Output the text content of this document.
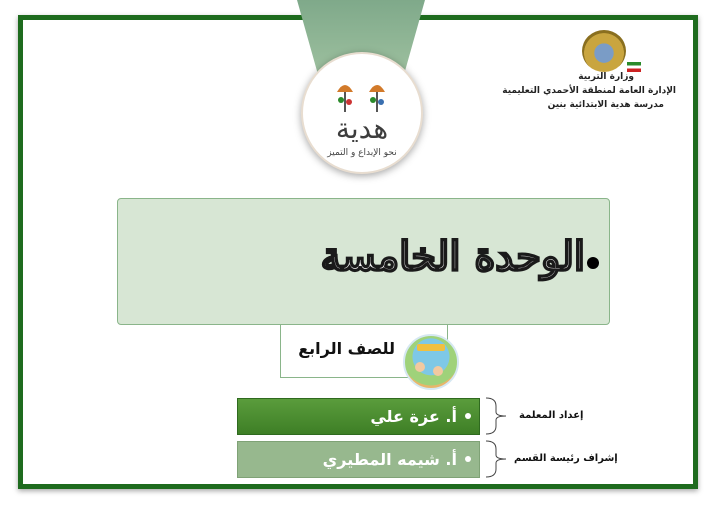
هدية
نحو الإبداع و التميز
وزارة التربية
الإدارة العامة لمنطقة الأحمدي التعليمية
مدرسة هدية الابتدائية بنين
الوحدة الخامسة
للصف الرابع
أ. عزة علي
أ. شيمه المطيري
إعداد المعلمة
إشراف رئيسة القسم
